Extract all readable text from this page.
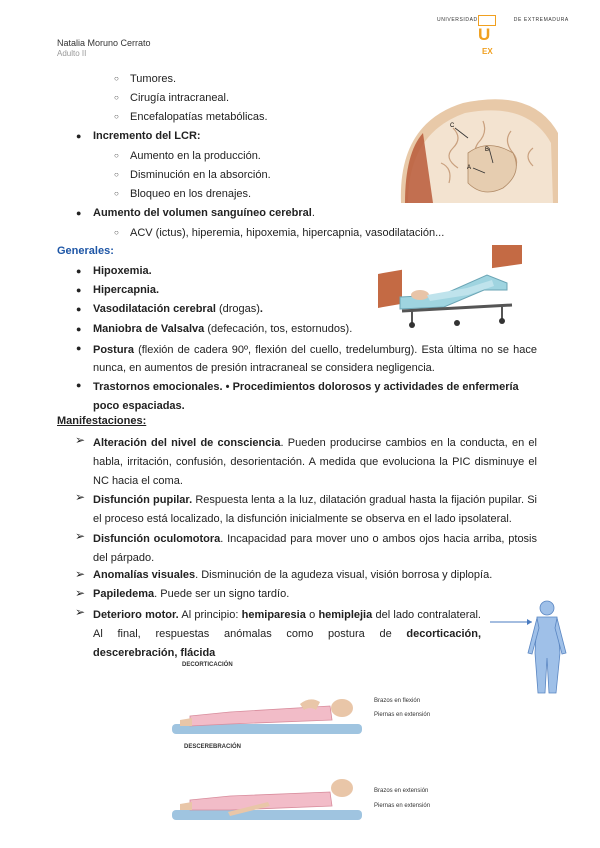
Natalia Moruno Cerrato
Adulto II
UNIVERSIDAD	DE EXTREMADURA
U
EX
C
B
A
○ Tumores.
○ Cirugía intracraneal.
○ Encefalopatías metabólicas.
● Incremento del LCR:
○ Aumento en la producción.
○ Disminución en la absorción.
○ Bloqueo en los drenajes.
● Aumento del volumen sanguíneo cerebral.
○ ACV (ictus), hiperemia, hipoxemia, hipercapnia, vasodilatación...
Generales:
● Hipoxemia.
● Hipercapnia.
● Vasodilatación cerebral (drogas).
● Maniobra de Valsalva (defecación, tos, estornudos).
● Postura (flexión de cadera 90º, flexión del cuello, tredelumburg). Esta última no se hace nunca, en aumentos de presión intracraneal se considera negligencia.
● Trastornos emocionales. • Procedimientos dolorosos y actividades de enfermería poco espaciadas.
Manifestaciones:
➢ Alteración del nivel de consciencia. Pueden producirse cambios en la conducta, en el habla, irritación, confusión, desorientación. A medida que evoluciona la PIC disminuye el NC hacia el coma.
➢ Disfunción pupilar. Respuesta lenta a la luz, dilatación gradual hasta la fijación pupilar. Si el proceso está localizado, la disfunción inicialmente se observa en el lado ipsolateral.
➢ Disfunción oculomotora. Incapacidad para mover uno o ambos ojos hacia arriba, ptosis del párpado.
➢ Anomalías visuales. Disminución de la agudeza visual, visión borrosa y diplopía.
➢ Papiledema. Puede ser un signo tardío.
➢ Deterioro motor. Al principio: hemiparesia o hemiplejia del lado contralateral. Al final, respuestas anómalas como postura de decorticación, descerebración, flácida
DECORTICACIÓN
Brazos en flexión
Piernas en extensión
DESCEREBRACIÓN
Brazos en extensión
Piernas en extensión
